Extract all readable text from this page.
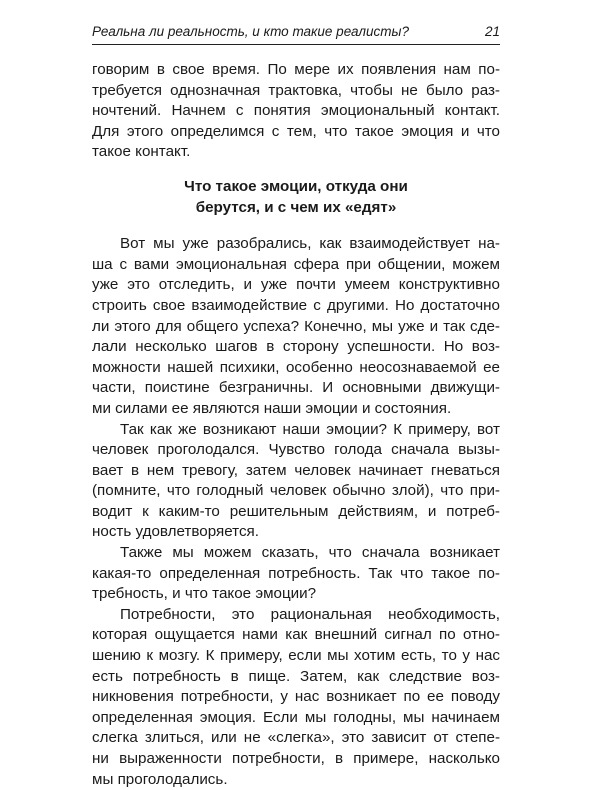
Реальна ли реальность, и кто такие реалисты?	21
говорим в свое время. По мере их появления нам по-
требуется однозначная трактовка, чтобы не было раз-
ночтений. Начнем с понятия эмоциональный контакт.
Для этого определимся с тем, что такое эмоция и что
такое контакт.
Что такое эмоции, откуда они
берутся, и с чем их «едят»
Вот мы уже разобрались, как взаимодействует на-
ша с вами эмоциональная сфера при общении, можем
уже это отследить, и уже почти умеем конструктивно
строить свое взаимодействие с другими. Но достаточно
ли этого для общего успеха? Конечно, мы уже и так сде-
лали несколько шагов в сторону успешности. Но воз-
можности нашей психики, особенно неосознаваемой ее
части, поистине безграничны. И основными движущи-
ми силами ее являются наши эмоции и состояния.
Так как же возникают наши эмоции? К примеру, вот
человек проголодался. Чувство голода сначала вызы-
вает в нем тревогу, затем человек начинает гневаться
(помните, что голодный человек обычно злой), что при-
водит к каким-то решительным действиям, и потреб-
ность удовлетворяется.
Также мы можем сказать, что сначала возникает
какая-то определенная потребность. Так что такое по-
требность, и что такое эмоции?
Потребности, это рациональная необходимость,
которая ощущается нами как внешний сигнал по отно-
шению к мозгу. К примеру, если мы хотим есть, то у нас
есть потребность в пище. Затем, как следствие воз-
никновения потребности, у нас возникает по ее поводу
определенная эмоция. Если мы голодны, мы начинаем
слегка злиться, или не «слегка», это зависит от степе-
ни выраженности потребности, в примере, насколько
мы проголодались.
